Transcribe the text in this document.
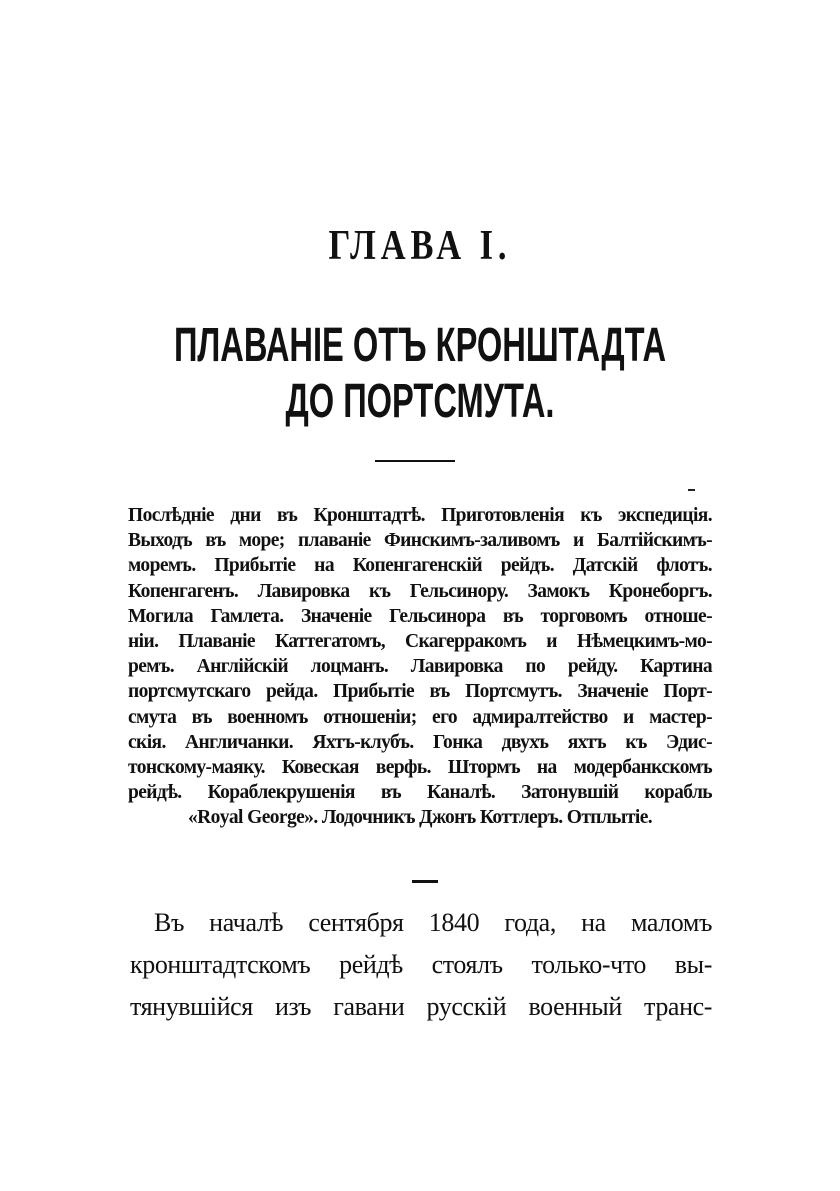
ГЛАВА I.
ПЛАВАНІЕ ОТЪ КРОНШТАДТА
ДО ПОРТСМУТА.
Послѣдніе дни въ Кронштадтѣ. Приготовленія къ экспедиція.
Выходъ въ море; плаваніе Финскимъ-заливомъ и Балтійскимъ-
моремъ. Прибытіе на Копенгагенскій рейдъ. Датскій флотъ.
Копенгагенъ. Лавировка къ Гельсинору. Замокъ Кронеборгъ.
Могила Гамлета. Значеніе Гельсинора въ торговомъ отноше-
ніи. Плаваніе Каттегатомъ, Скагерракомъ и Нѣмецкимъ-мо-
ремъ. Англійскій лоцманъ. Лавировка по рейду. Картина
портсмутскаго рейда. Прибытіе въ Портсмутъ. Значеніе Порт-
смута въ военномъ отношеніи; его адмиралтейство и мастер-
скія. Англичанки. Яхтъ-клубъ. Гонка двухъ яхтъ къ Эдис-
тонскому-маяку. Ковеская верфь. Штормъ на модербанкскомъ
рейдѣ. Кораблекрушенія въ Каналѣ. Затонувшій корабль
«Royal George». Лодочникъ Джонъ Коттлеръ. Отплытіе.
Въ началѣ сентября 1840 года, на маломъ
кронштадтскомъ рейдѣ стоялъ только-что вы-
тянувшійся изъ гавани русскій военный транс-
